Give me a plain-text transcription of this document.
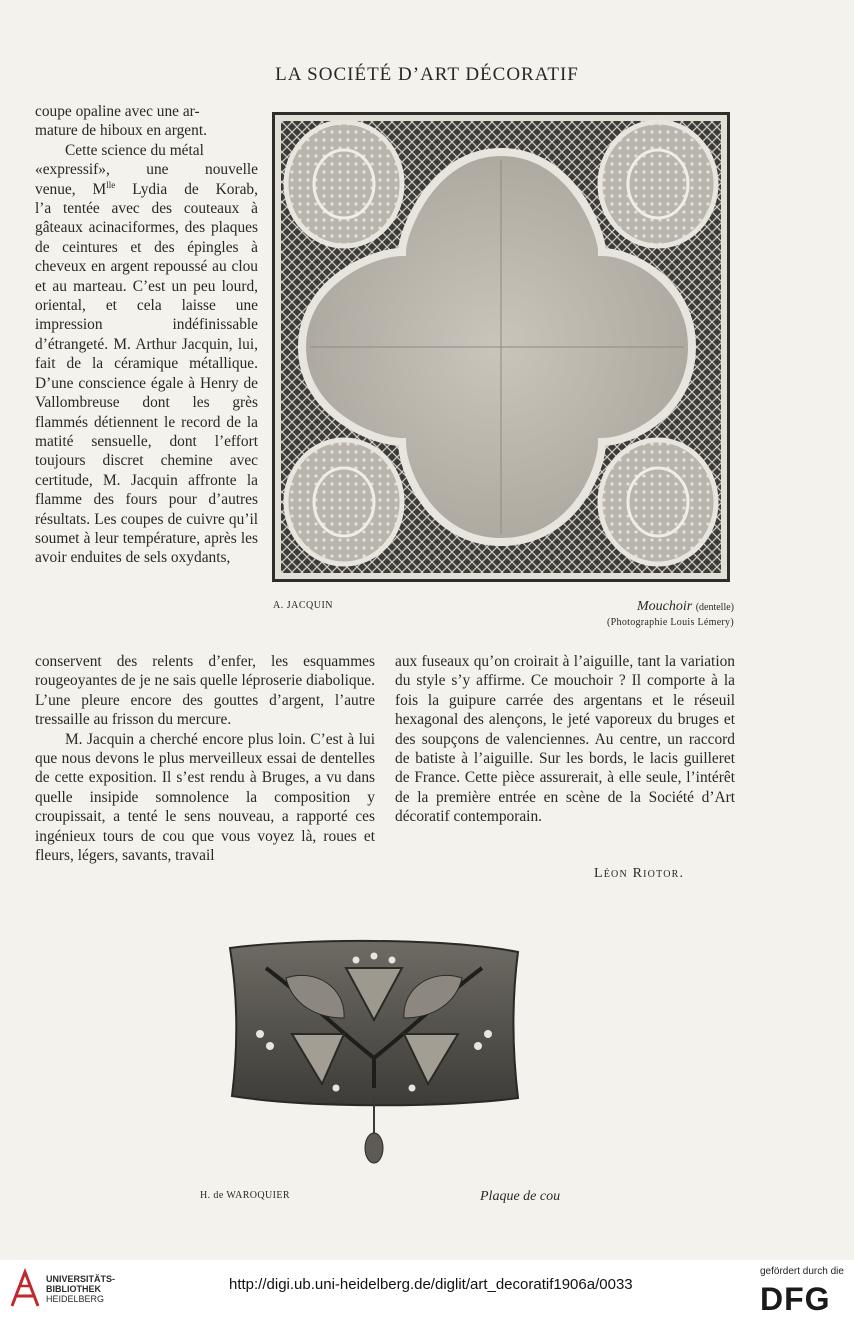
LA SOCIÉTÉ D’ART DÉCORATIF

coupe opaline avec une ar-
mature de hiboux en argent.

Cette science du métal

«expressif», une nouvelle

venue, $M^{lle}$ Lydia de Korab,

l’a tentée avec des couteaux à gâteaux acinaciformes, des plaques de ceintures et des épingles à cheveux en argent repoussé au clou et au marteau. C’est un peu lourd, oriental, et cela laisse une impression indéfinissable d’étrangeté. M. Arthur Jacquin, lui, fait de la céramique métallique. D’une conscience égale à Henry de Vallombreuse dont les grès flammés détiennent le record de la matité sensuelle, dont l’effort toujours discret chemine avec certitude, M. Jacquin affronte la flamme des fours pour d’autres résultats. Les coupes de cuivre qu’il soumet à leur température, après les avoir enduites de sels oxydants,

conservent des relents d’enfer, les esquammes rougeoyantes de je ne sais quelle léproserie diabolique. L’une pleure encore des gouttes d’argent, l’autre tressaille au frisson du mercure.

M. Jacquin a cherché encore plus loin. C’est à lui que nous devons le plus merveilleux essai de dentelles de cette exposition. Il s’est rendu à Bruges, a vu dans quelle insipide somnolence la composition y croupissait, a tenté le sens nouveau, a rapporté ces ingénieux tours de cou que vous voyez là, roues et fleurs, légers, savants, travail

aux fuseaux qu’on croirait à l’aiguille, tant la variation du style s’y affirme. Ce mouchoir ? Il comporte à la fois la guipure carrée des argentans et le réseuil hexagonal des alençons, le jeté vaporeux du bruges et des soupçons de valenciennes. Au centre, un raccord de batiste à l’aiguille. Sur les bords, le lacis guilleret de France. Cette pièce assurerait, à elle seule, l’intérêt de la première entrée en scène de la Société d’Art décoratif contemporain.

Léon Riotor.
A. JACQUIN	Mouchoir (dentelle)
(Photographie Louis Lémery)
H. de WAROQUIER	Plaque de cou
UNIVERSITÄTS-
BIBLIOTHEK
HEIDELBERG
http://digi.ub.uni-heidelberg.de/diglit/art_decoratif1906a/0033
gefördert durch die
DFG
